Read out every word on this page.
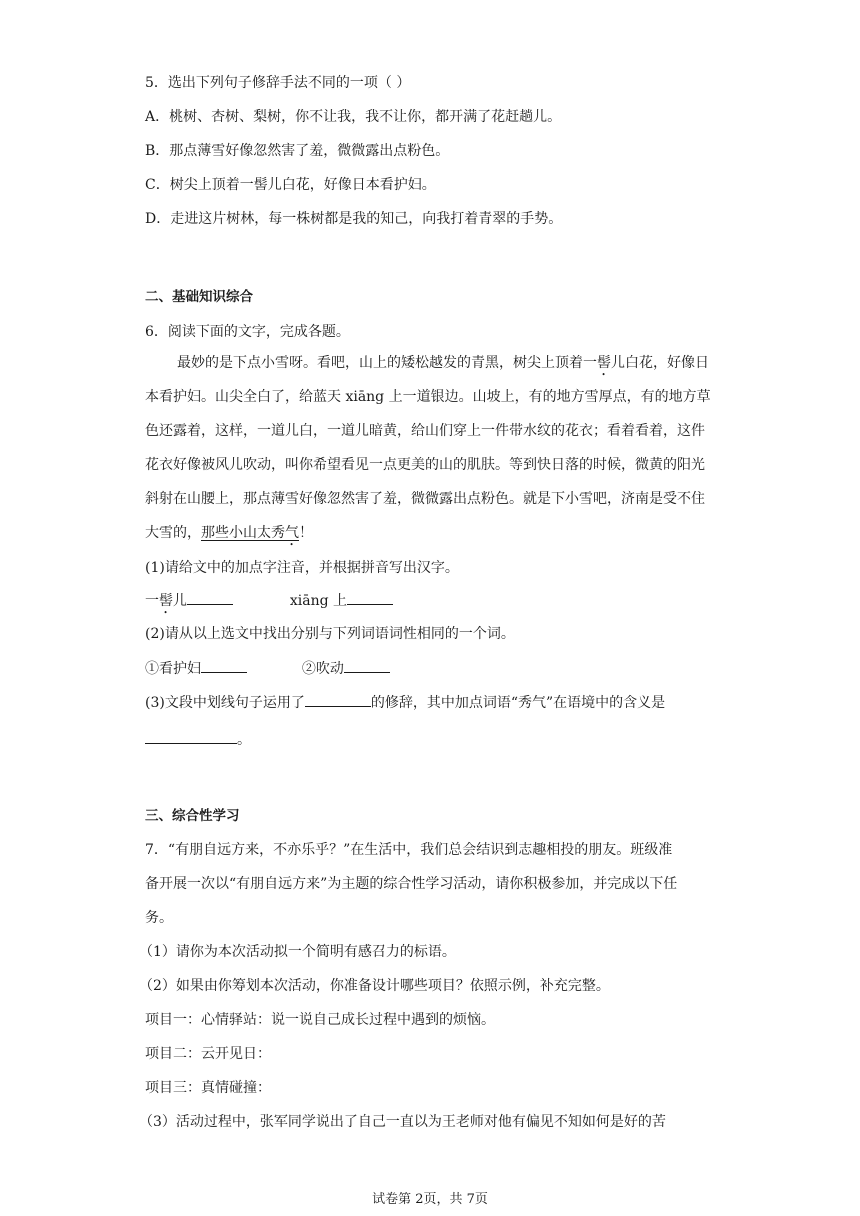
5．选出下列句子修辞手法不同的一项（ ）
A．桃树、杏树、梨树，你不让我，我不让你，都开满了花赶趟儿。
B．那点薄雪好像忽然害了羞，微微露出点粉色。
C．树尖上顶着一髻儿白花，好像日本看护妇。
D．走进这片树林，每一株树都是我的知己，向我打着青翠的手势。
二、基础知识综合
6．阅读下面的文字，完成各题。
最妙的是下点小雪呀。看吧，山上的矮松越发的青黑，树尖上顶着一髻儿白花，好像日本看护妇。山尖全白了，给蓝天 xiāng 上一道银边。山坡上，有的地方雪厚点，有的地方草色还露着，这样，一道儿白，一道儿暗黄，给山们穿上一件带水纹的花衣；看着看着，这件花衣好像被风儿吹动，叫你希望看见一点更美的山的肌肤。等到快日落的时候，微黄的阳光斜射在山腰上，那点薄雪好像忽然害了羞，微微露出点粉色。就是下小雪吧，济南是受不住大雪的，那些小山太秀气！
(1)请给文中的加点字注音，并根据拼音写出汉字。
一髻儿	xiāng 上
(2)请从以上选文中找出分别与下列词语词性相同的一个词。
①看护妇	②吹动
(3)文段中划线句子运用了	的修辞，其中加点词语“秀气”在语境中的含义是
。
三、综合性学习
7．“有朋自远方来，不亦乐乎？”在生活中，我们总会结识到志趣相投的朋友。班级准
备开展一次以“有朋自远方来”为主题的综合性学习活动，请你积极参加，并完成以下任
务。
（1）请你为本次活动拟一个简明有感召力的标语。
（2）如果由你筹划本次活动，你准备设计哪些项目？依照示例，补充完整。
项目一：心情驿站：说一说自己成长过程中遇到的烦恼。
项目二：云开见日：
项目三：真情碰撞：
（3）活动过程中，张军同学说出了自己一直以为王老师对他有偏见不知如何是好的苦
试卷第 2页，共 7页
